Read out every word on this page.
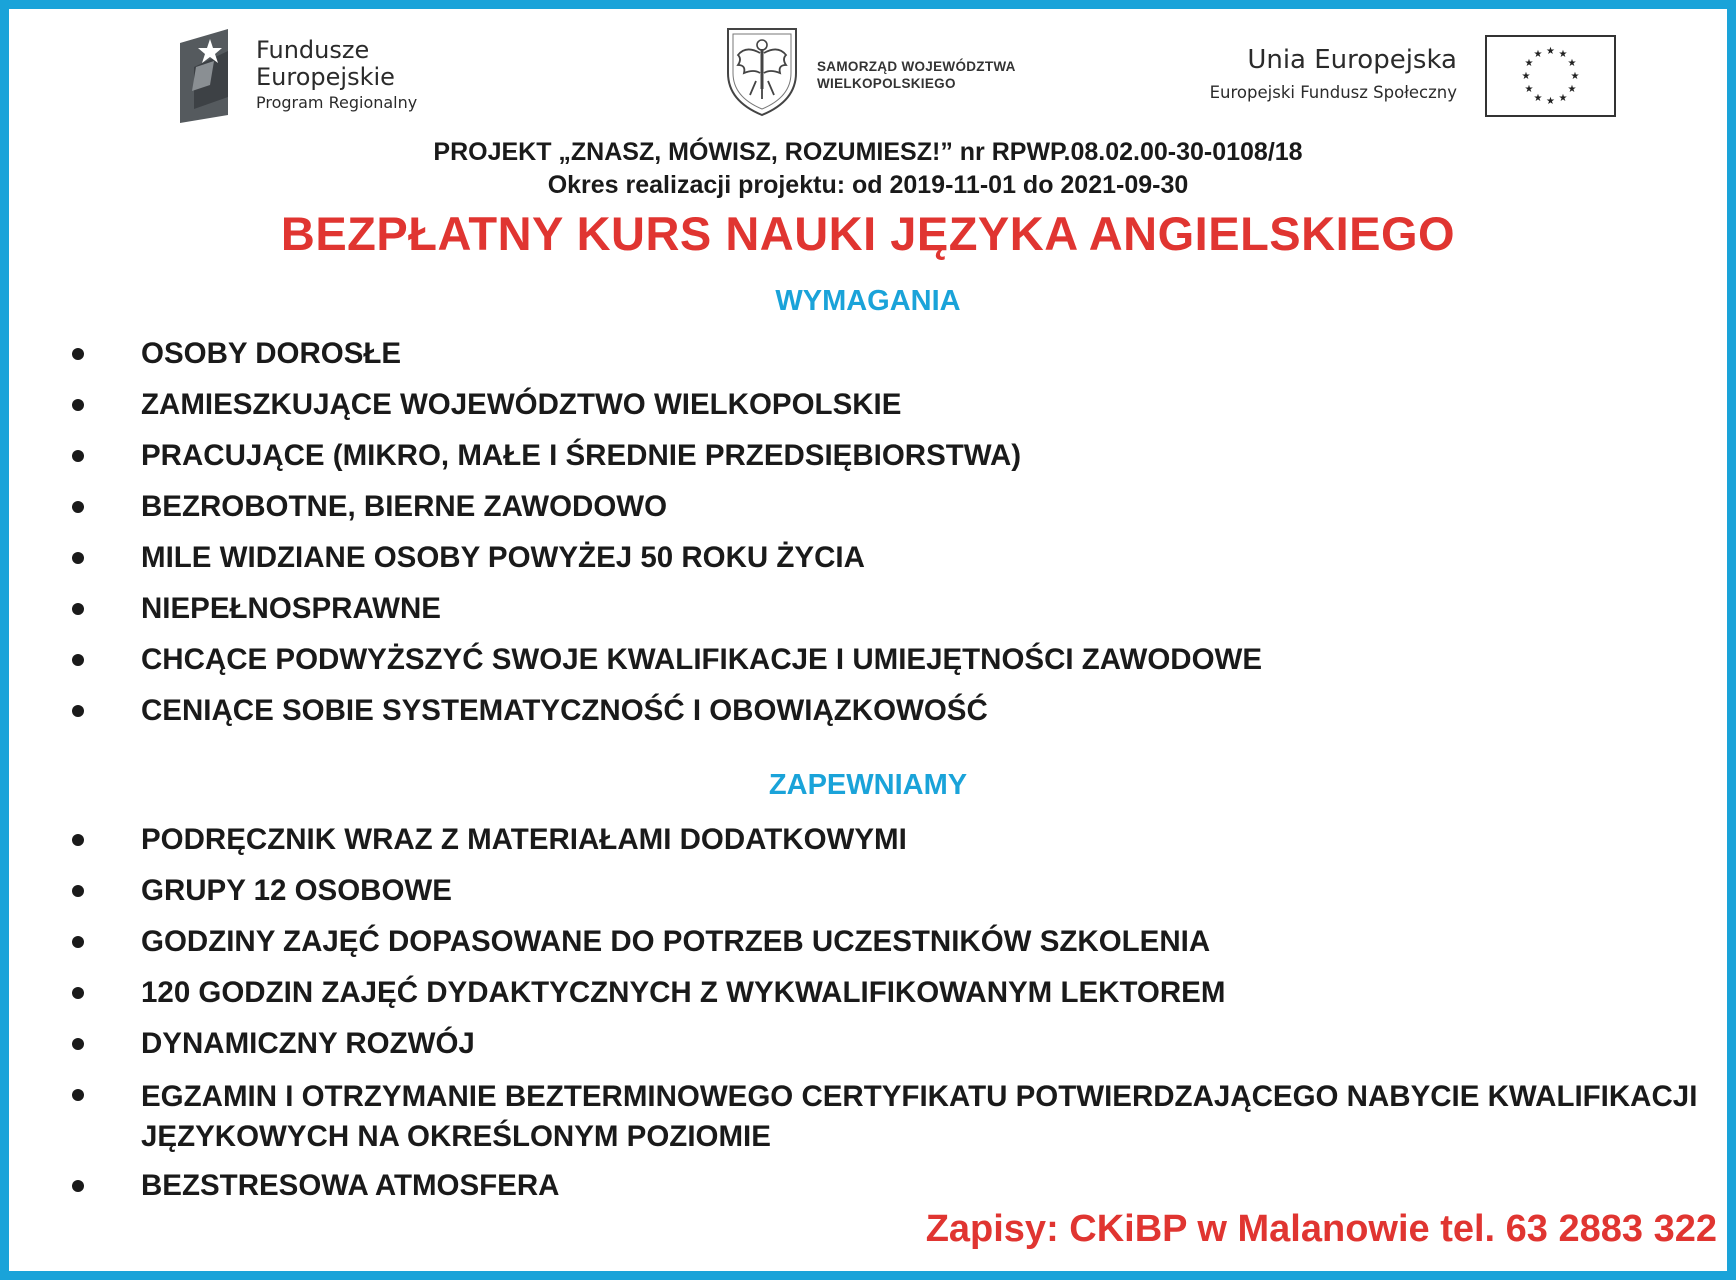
Fundusze
Europejskie
Program Regionalny
SAMORZĄD WOJEWÓDZTWA
WIELKOPOLSKIEGO
Unia Europejska
Europejski Fundusz Społeczny
★ ★
★
★
★
★
★
★
★
★
★
★
PROJEKT „ZNASZ, MÓWISZ, ROZUMIESZ!” nr RPWP.08.02.00-30-0108/18
Okres realizacji projektu: od 2019-11-01 do 2021-09-30
BEZPŁATNY KURS NAUKI JĘZYKA ANGIELSKIEGO
WYMAGANIA
OSOBY DOROSŁE
ZAMIESZKUJĄCE WOJEWÓDZTWO WIELKOPOLSKIE
PRACUJĄCE (MIKRO, MAŁE I ŚREDNIE PRZEDSIĘBIORSTWA)
BEZROBOTNE, BIERNE ZAWODOWO
MILE WIDZIANE OSOBY POWYŻEJ 50 ROKU ŻYCIA
NIEPEŁNOSPRAWNE
CHCĄCE PODWYŻSZYĆ SWOJE KWALIFIKACJE I UMIEJĘTNOŚCI ZAWODOWE
CENIĄCE SOBIE SYSTEMATYCZNOŚĆ I OBOWIĄZKOWOŚĆ
ZAPEWNIAMY
PODRĘCZNIK WRAZ Z MATERIAŁAMI DODATKOWYMI
GRUPY 12 OSOBOWE
GODZINY ZAJĘĆ DOPASOWANE DO POTRZEB UCZESTNIKÓW SZKOLENIA
120 GODZIN ZAJĘĆ DYDAKTYCZNYCH Z WYKWALIFIKOWANYM LEKTOREM
DYNAMICZNY ROZWÓJ
EGZAMIN I OTRZYMANIE BEZTERMINOWEGO CERTYFIKATU POTWIERDZAJĄCEGO NABYCIE KWALIFIKACJI JĘZYKOWYCH NA OKREŚLONYM POZIOMIE
BEZSTRESOWA ATMOSFERA
Zapisy: CKiBP w Malanowie tel. 63 2883 322
